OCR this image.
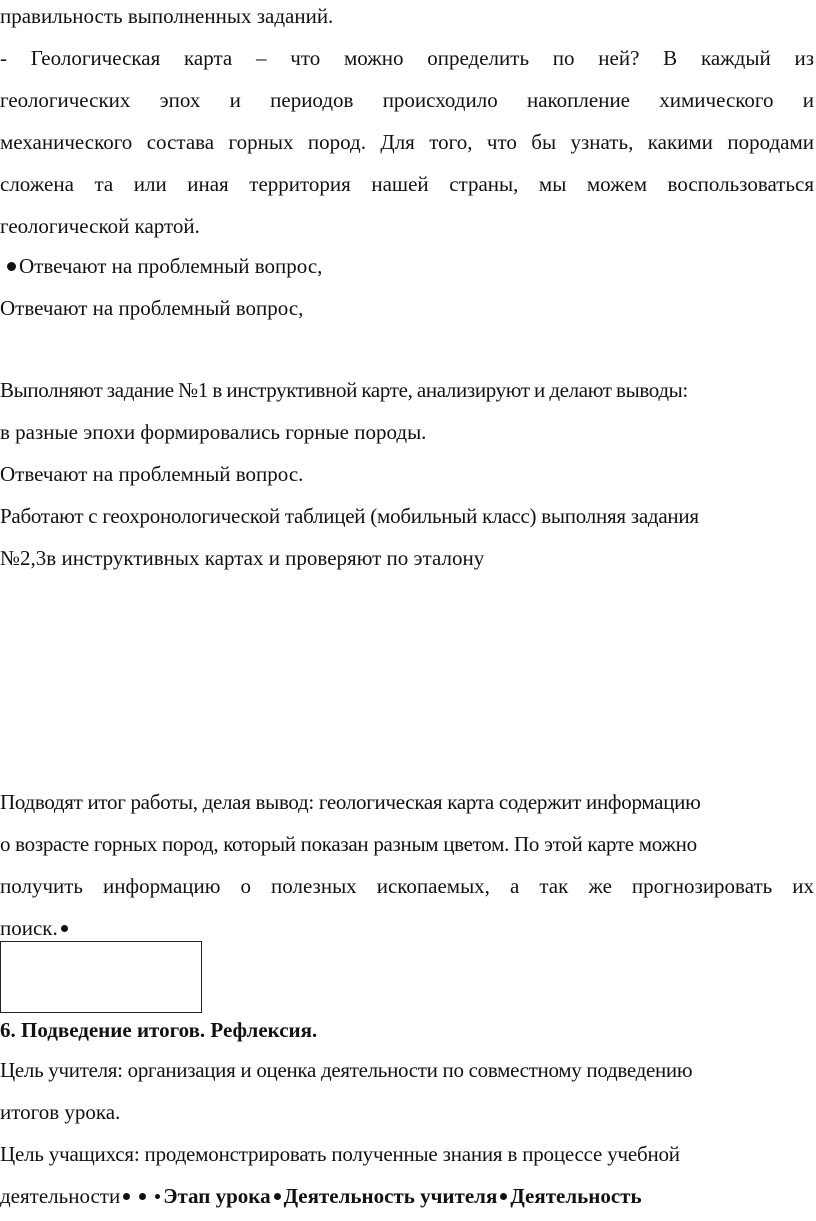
правильность выполненных заданий.
- Геологическая карта – что можно определить по ней? В каждый из
геологических эпох и периодов происходило накопление химического и
механического состава горных пород. Для того, что бы узнать, какими породами
сложена та или иная территория нашей страны, мы можем воспользоваться
геологической картой.
Отвечают на проблемный вопрос,
Отвечают на проблемный вопрос,
Выполняют задание №1 в инструктивной карте, анализируют и делают выводы:
в разные эпохи формировались горные породы.
Отвечают на проблемный вопрос.
Работают с геохронологической таблицей (мобильный класс) выполняя задания
№2,3в инструктивных картах и проверяют по эталону
Подводят итог работы, делая вывод: геологическая карта содержит информацию
о возрасте горных пород, который показан разным цветом. По этой карте можно
получить информацию о полезных ископаемых, а так же прогнозировать их
поиск.
6. Подведение итогов. Рефлексия.
Цель учителя: организация и оценка деятельности по совместному подведению
итогов урока.
Цель учащихся: продемонстрировать полученные знания в процессе учебной
деятельности Этап урока Деятельность учителя Деятельность
